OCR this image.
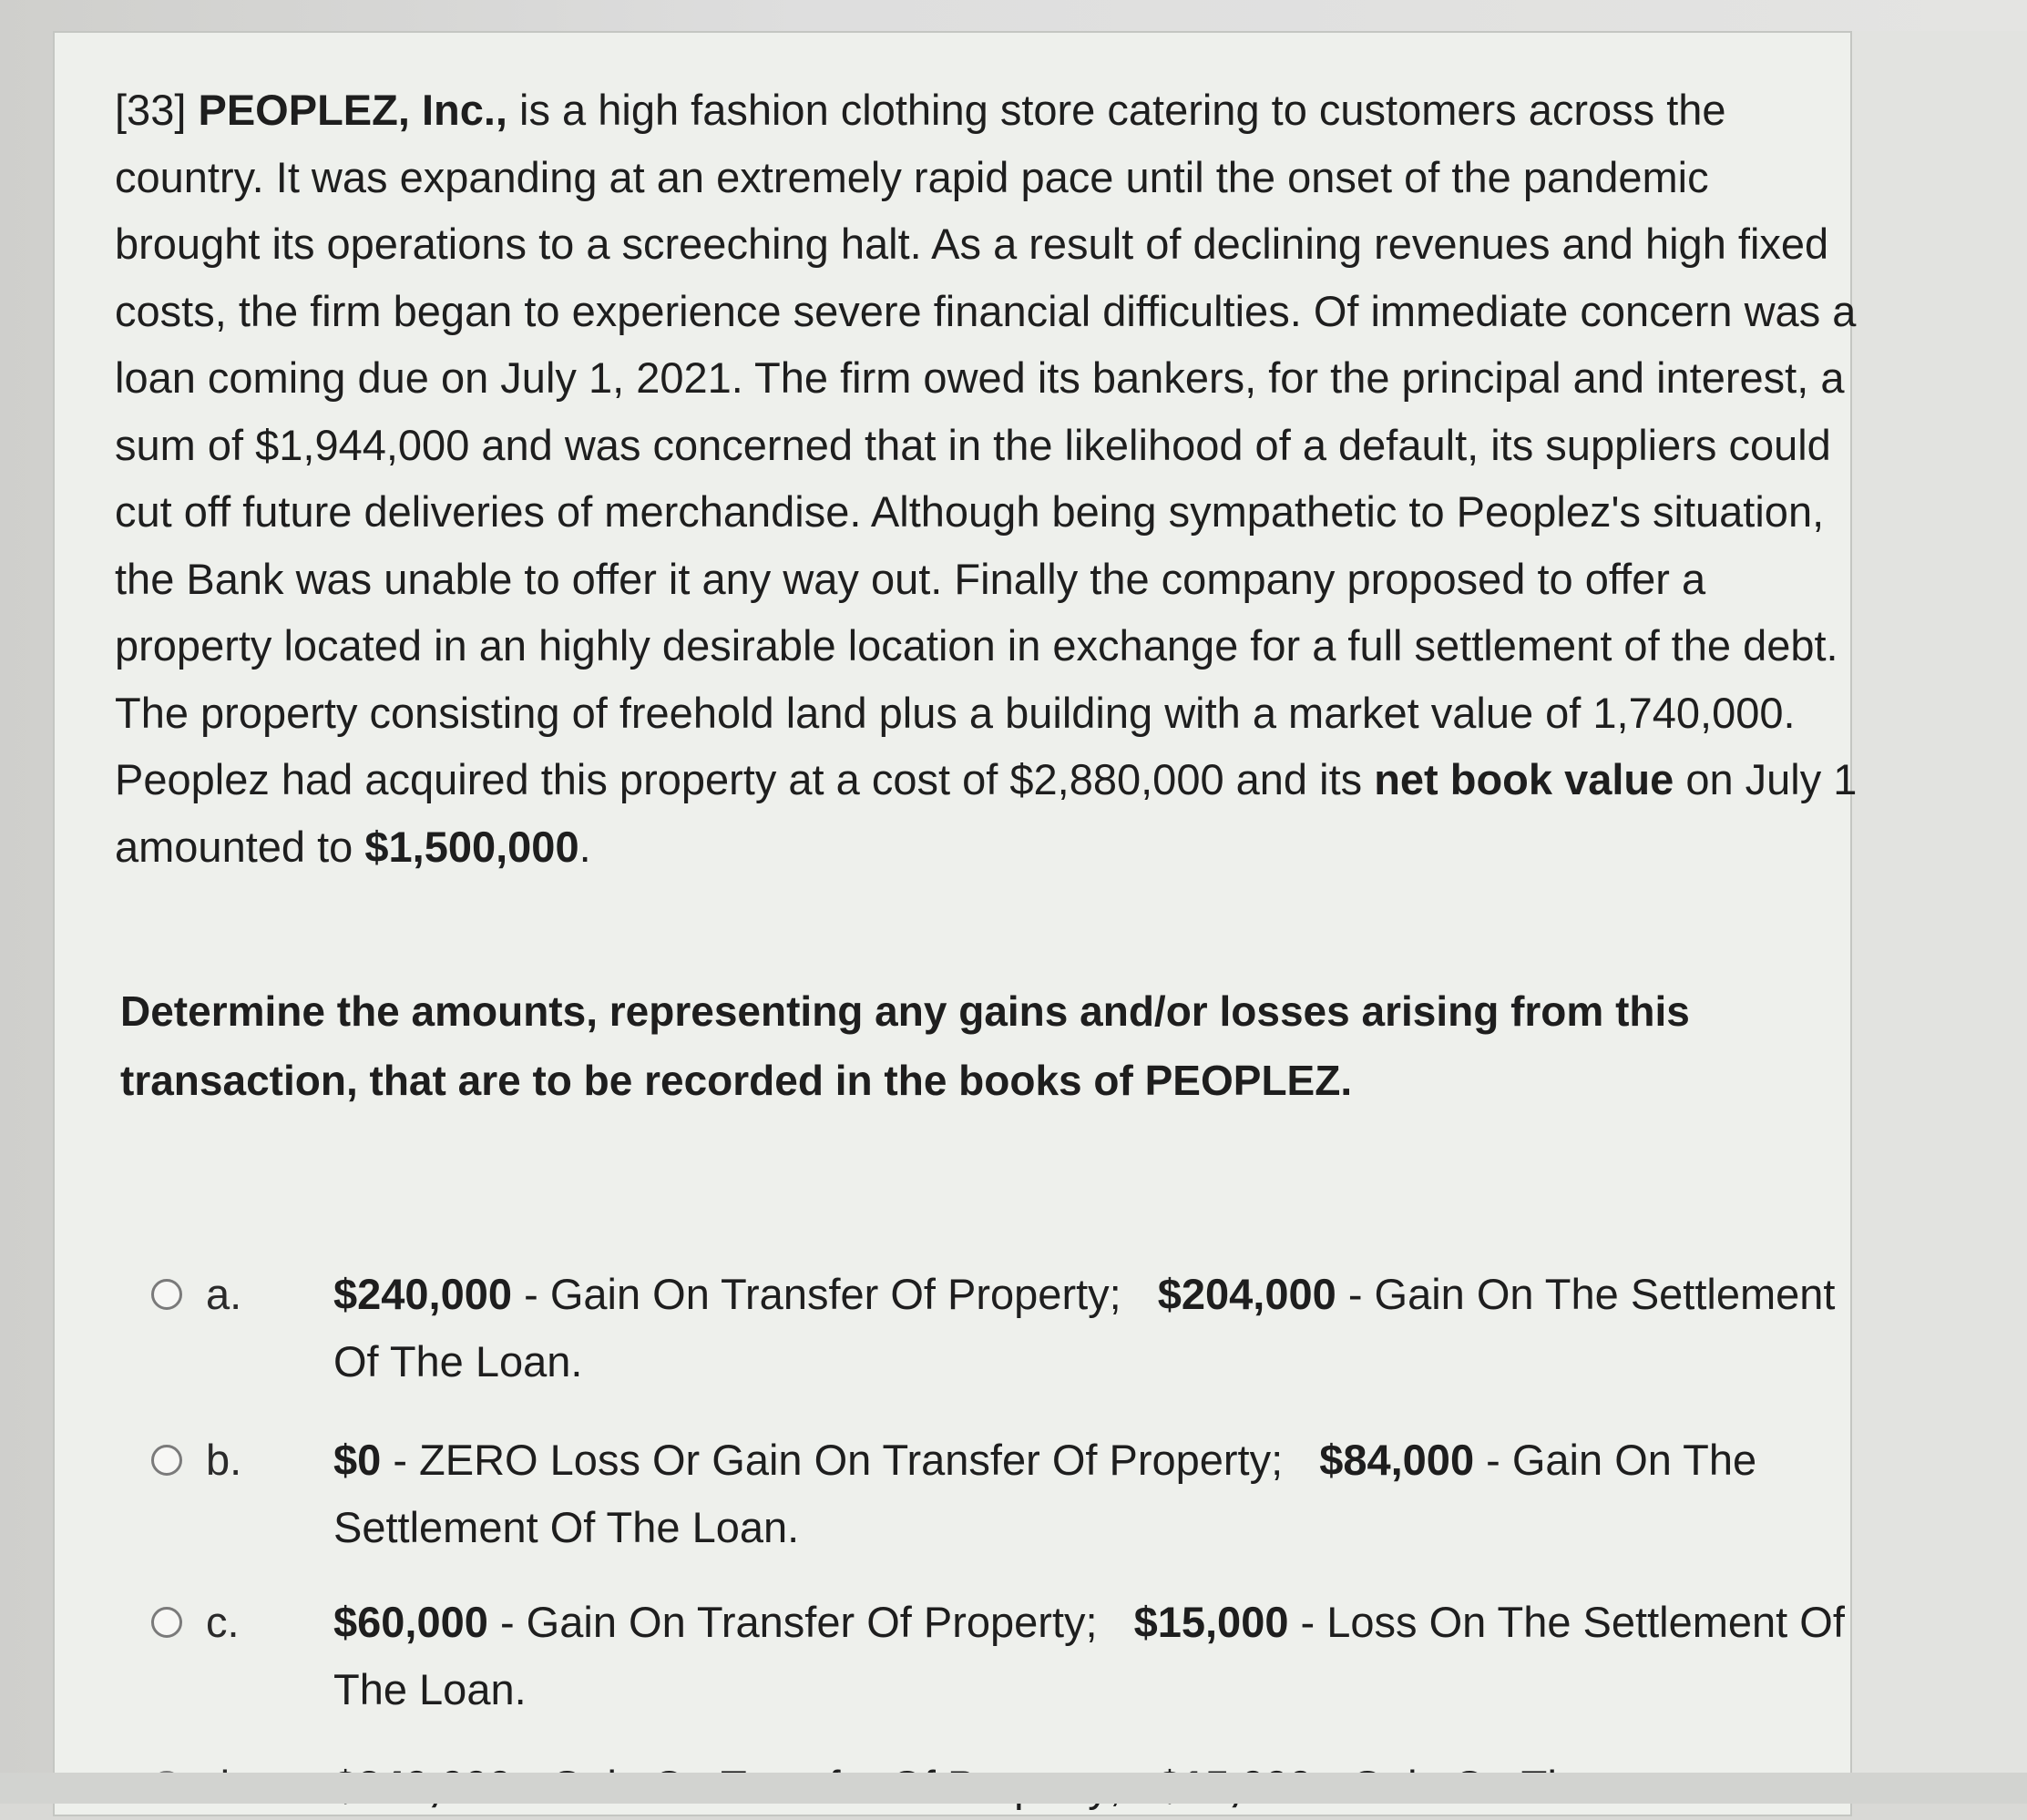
[33] PEOPLEZ, Inc., is a high fashion clothing store catering to customers across the country. It was expanding at an extremely rapid pace until the onset of the pandemic brought its operations to a screeching halt. As a result of declining revenues and high fixed costs, the firm began to experience severe financial difficulties. Of immediate concern was a loan coming due on July 1, 2021. The firm owed its bankers, for the principal and interest, a sum of $1,944,000 and was concerned that in the likelihood of a default, its suppliers could cut off future deliveries of merchandise. Although being sympathetic to Peoplez's situation, the Bank was unable to offer it any way out. Finally the company proposed to offer a property located in an highly desirable location in exchange for a full settlement of the debt. The property consisting of freehold land plus a building with a market value of 1,740,000. Peoplez had acquired this property at a cost of $2,880,000 and its net book value on July 1 amounted to $1,500,000.

Determine the amounts, representing any gains and/or losses arising from this transaction, that are to be recorded in the books of PEOPLEZ.

a. $240,000 - Gain On Transfer Of Property; $204,000 - Gain On The Settlement Of The Loan.
b. $0 - ZERO Loss Or Gain On Transfer Of Property; $84,000 - Gain On The Settlement Of The Loan.
c. $60,000 - Gain On Transfer Of Property; $15,000 - Loss On The Settlement Of The Loan.
